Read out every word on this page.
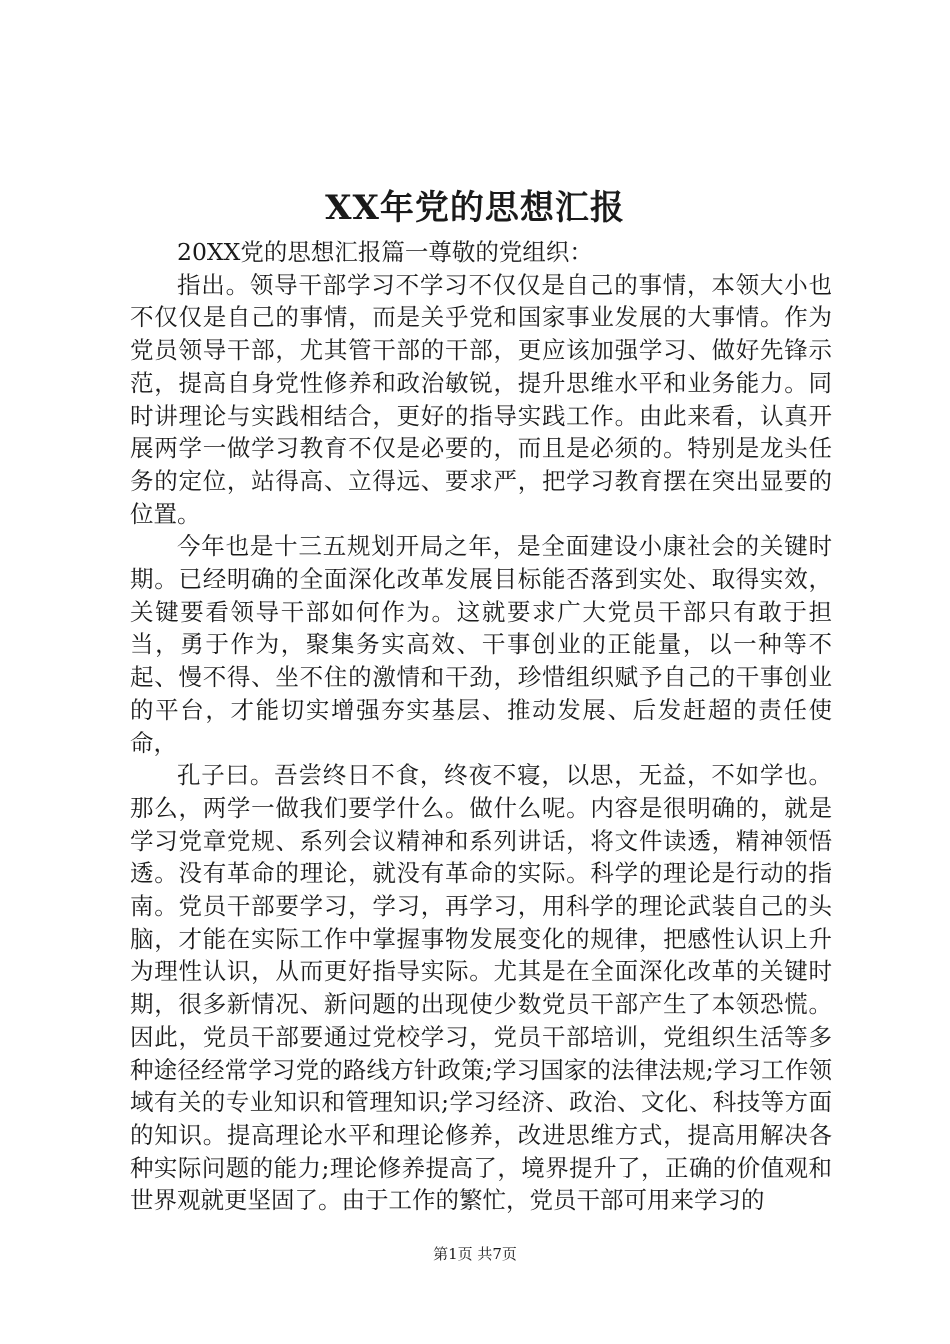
XX年党的思想汇报

20XX党的思想汇报篇一尊敬的党组织：

指出。领导干部学习不学习不仅仅是自己的事情，本领大小也不仅仅是自己的事情，而是关乎党和国家事业发展的大事情。作为党员领导干部，尤其管干部的干部，更应该加强学习、做好先锋示范，提高自身党性修养和政治敏锐，提升思维水平和业务能力。同时讲理论与实践相结合，更好的指导实践工作。由此来看，认真开展两学一做学习教育不仅是必要的，而且是必须的。特别是龙头任务的定位，站得高、立得远、要求严，把学习教育摆在突出显要的位置。

今年也是十三五规划开局之年，是全面建设小康社会的关键时期。已经明确的全面深化改革发展目标能否落到实处、取得实效，关键要看领导干部如何作为。这就要求广大党员干部只有敢于担当，勇于作为，聚集务实高效、干事创业的正能量，以一种等不起、慢不得、坐不住的激情和干劲，珍惜组织赋予自己的干事创业的平台，才能切实增强夯实基层、推动发展、后发赶超的责任使命，

孔子曰。吾尝终日不食，终夜不寝，以思，无益，不如学也。那么，两学一做我们要学什么。做什么呢。内容是很明确的，就是学习党章党规、系列会议精神和系列讲话，将文件读透，精神领悟透。没有革命的理论，就没有革命的实际。科学的理论是行动的指南。党员干部要学习，学习，再学习，用科学的理论武装自己的头脑，才能在实际工作中掌握事物发展变化的规律，把感性认识上升为理性认识，从而更好指导实际。尤其是在全面深化改革的关键时期，很多新情况、新问题的出现使少数党员干部产生了本领恐慌。因此，党员干部要通过党校学习，党员干部培训，党组织生活等多种途径经常学习党的路线方针政策;学习国家的法律法规;学习工作领域有关的专业知识和管理知识;学习经济、政治、文化、科技等方面的知识。提高理论水平和理论修养，改进思维方式，提高用解决各种实际问题的能力;理论修养提高了，境界提升了，正确的价值观和世界观就更坚固了。由于工作的繁忙，党员干部可用来学习的

第1页 共7页
